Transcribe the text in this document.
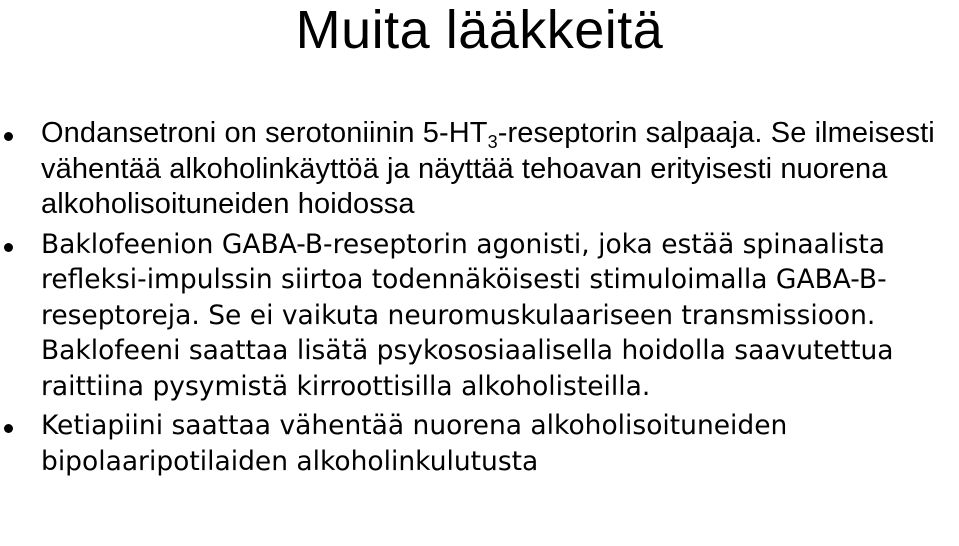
Muita lääkkeitä
Ondansetroni on serotoniinin $5-HT_3$-reseptorin salpaaja. Se ilmeisesti vähentää alkoholinkäyttöä ja näyttää tehoavan erityisesti nuorena alkoholisoituneiden hoidossa
Baklofeenion GABA-B-reseptorin agonisti, joka estää spinaalista refleksi-impulssin siirtoa todennäköisesti stimuloimalla GABA-B-reseptoreja. Se ei vaikuta neuromuskulaariseen transmissioon. Baklofeeni saattaa lisätä psykososiaalisella hoidolla saavutettua raittiina pysymistä kirroottisilla alkoholisteilla.
Ketiapiini saattaa vähentää nuorena alkoholisoituneiden bipolaaripotilaiden alkoholinkulutusta
